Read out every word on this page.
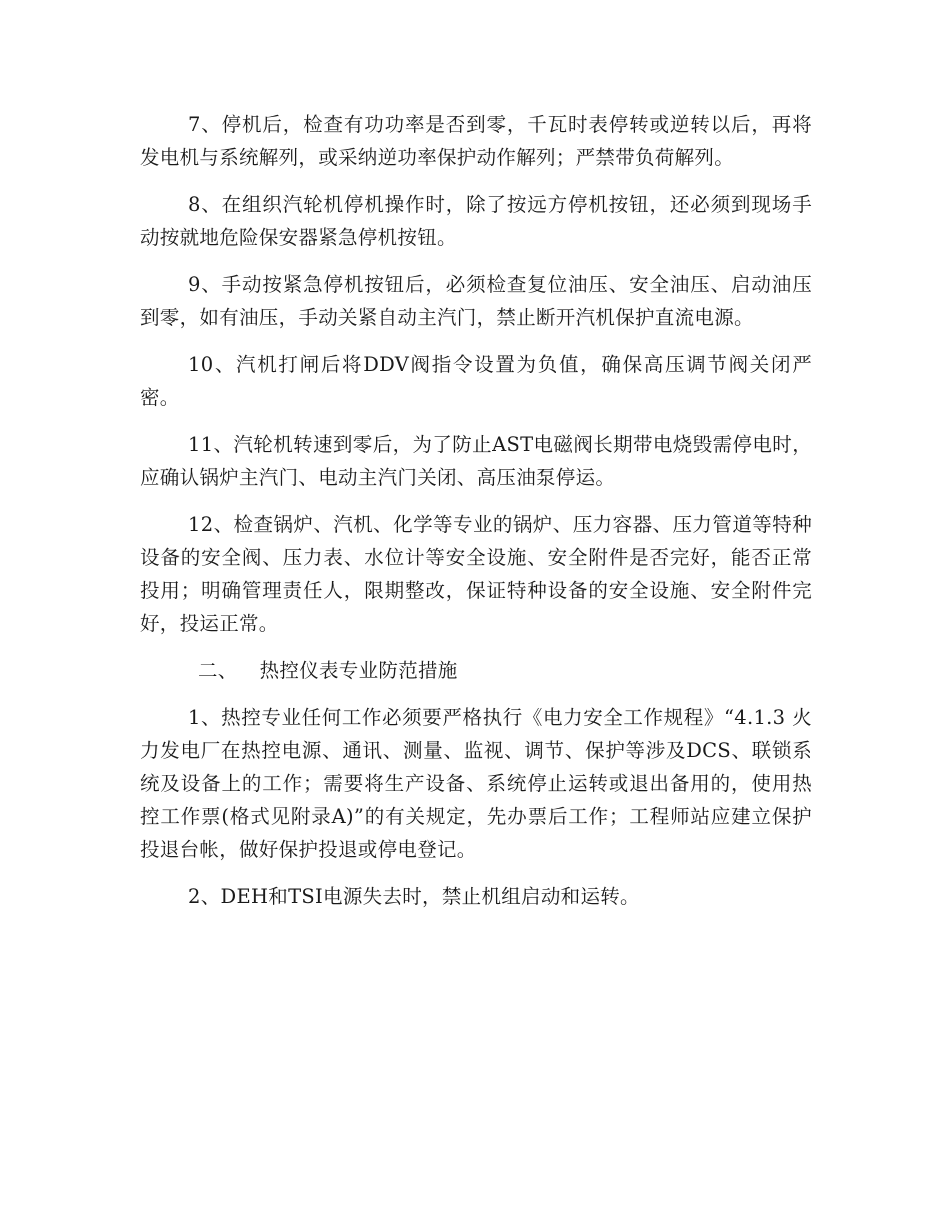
7、停机后，检查有功功率是否到零，千瓦时表停转或逆转以后，再将发电机与系统解列，或采纳逆功率保护动作解列；严禁带负荷解列。

8、在组织汽轮机停机操作时，除了按远方停机按钮，还必须到现场手动按就地危险保安器紧急停机按钮。

9、手动按紧急停机按钮后，必须检查复位油压、安全油压、启动油压到零，如有油压，手动关紧自动主汽门，禁止断开汽机保护直流电源。

10、汽机打闸后将DDV阀指令设置为负值，确保高压调节阀关闭严密。

11、汽轮机转速到零后，为了防止AST电磁阀长期带电烧毁需停电时，应确认锅炉主汽门、电动主汽门关闭、高压油泵停运。

12、检查锅炉、汽机、化学等专业的锅炉、压力容器、压力管道等特种设备的安全阀、压力表、水位计等安全设施、安全附件是否完好，能否正常投用；明确管理责任人，限期整改，保证特种设备的安全设施、安全附件完好，投运正常。

二、 热控仪表专业防范措施

1、热控专业任何工作必须要严格执行《电力安全工作规程》“4.1.3 火力发电厂在热控电源、通讯、测量、监视、调节、保护等涉及DCS、联锁系统及设备上的工作；需要将生产设备、系统停止运转或退出备用的，使用热控工作票(格式见附录A)”的有关规定，先办票后工作；工程师站应建立保护投退台帐，做好保护投退或停电登记。

2、DEH和TSI电源失去时，禁止机组启动和运转。
